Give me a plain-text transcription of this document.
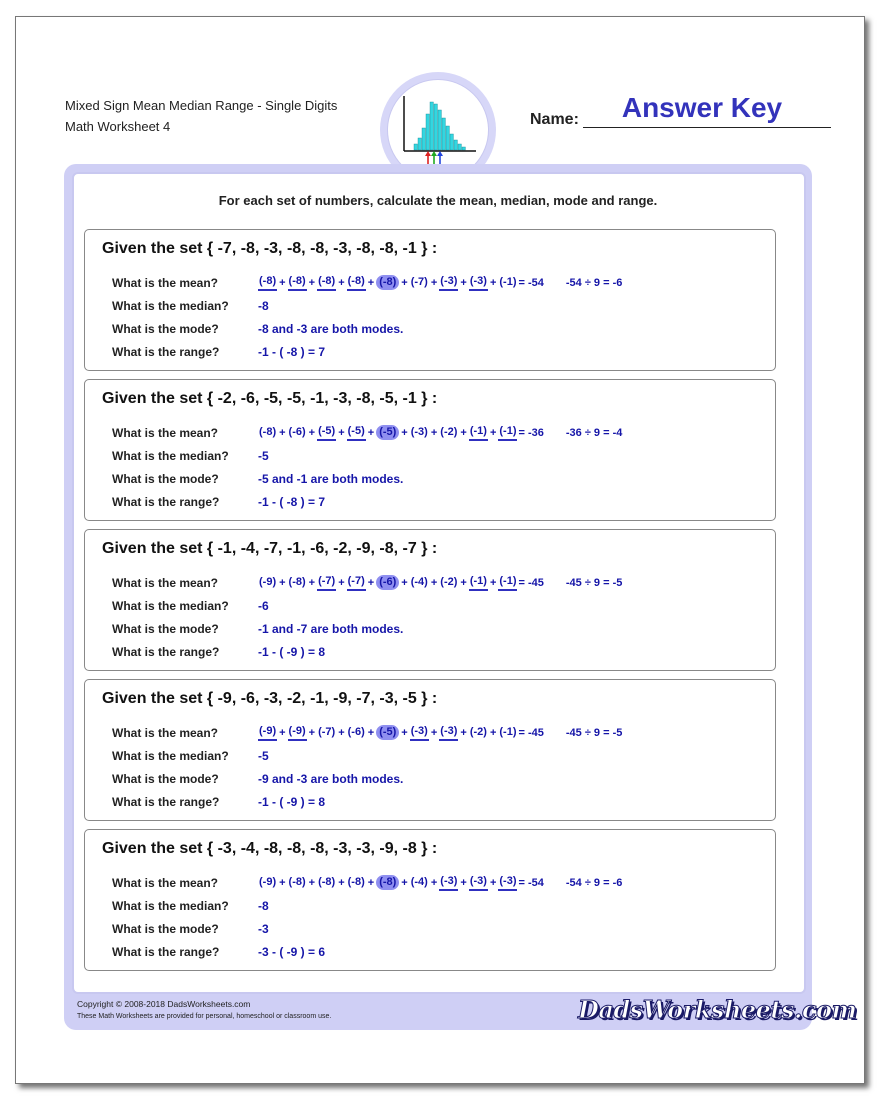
Mixed Sign Mean Median Range - Single Digits
Math Worksheet 4	Name:	Answer Key
For each set of numbers, calculate the mean, median, mode and range.
Given the set { -7, -8, -3, -8, -8, -3, -8, -8, -1 } :
What is the mean?	(-8) + (-8) + (-8) + (-8) + (-8) + (-7) + (-3) + (-3) + (-1) = -54 -54 ÷ 9 = -6
What is the median? -8
What is the mode?	-8 and -3 are both modes.
What is the range?	-1 - ( -8 ) = 7
Given the set { -2, -6, -5, -5, -1, -3, -8, -5, -1 } :
What is the mean?	(-8) + (-6) + (-5) + (-5) + (-5) + (-3) + (-2) + (-1) + (-1) = -36 -36 ÷ 9 = -4
What is the median? -5
What is the mode?	-5 and -1 are both modes.
What is the range?	-1 - ( -8 ) = 7
Given the set { -1, -4, -7, -1, -6, -2, -9, -8, -7 } :
What is the mean?	(-9) + (-8) + (-7) + (-7) + (-6) + (-4) + (-2) + (-1) + (-1) = -45 -45 ÷ 9 = -5
What is the median? -6
What is the mode?	-1 and -7 are both modes.
What is the range?	-1 - ( -9 ) = 8
Given the set { -9, -6, -3, -2, -1, -9, -7, -3, -5 } :
What is the mean?	(-9) + (-9) + (-7) + (-6) + (-5) + (-3) + (-3) + (-2) + (-1) = -45 -45 ÷ 9 = -5
What is the median? -5
What is the mode?	-9 and -3 are both modes.
What is the range?	-1 - ( -9 ) = 8
Given the set { -3, -4, -8, -8, -8, -3, -3, -9, -8 } :
What is the mean?	(-9) + (-8) + (-8) + (-8) + (-8) + (-4) + (-3) + (-3) + (-3) = -54 -54 ÷ 9 = -6
What is the median? -8
What is the mode?	-3
What is the range?	-3 - ( -9 ) = 6
Copyright © 2008-2018 DadsWorksheets.com
These Math Worksheets are provided for personal, homeschool or classroom use.	DadsWorksheets.com
